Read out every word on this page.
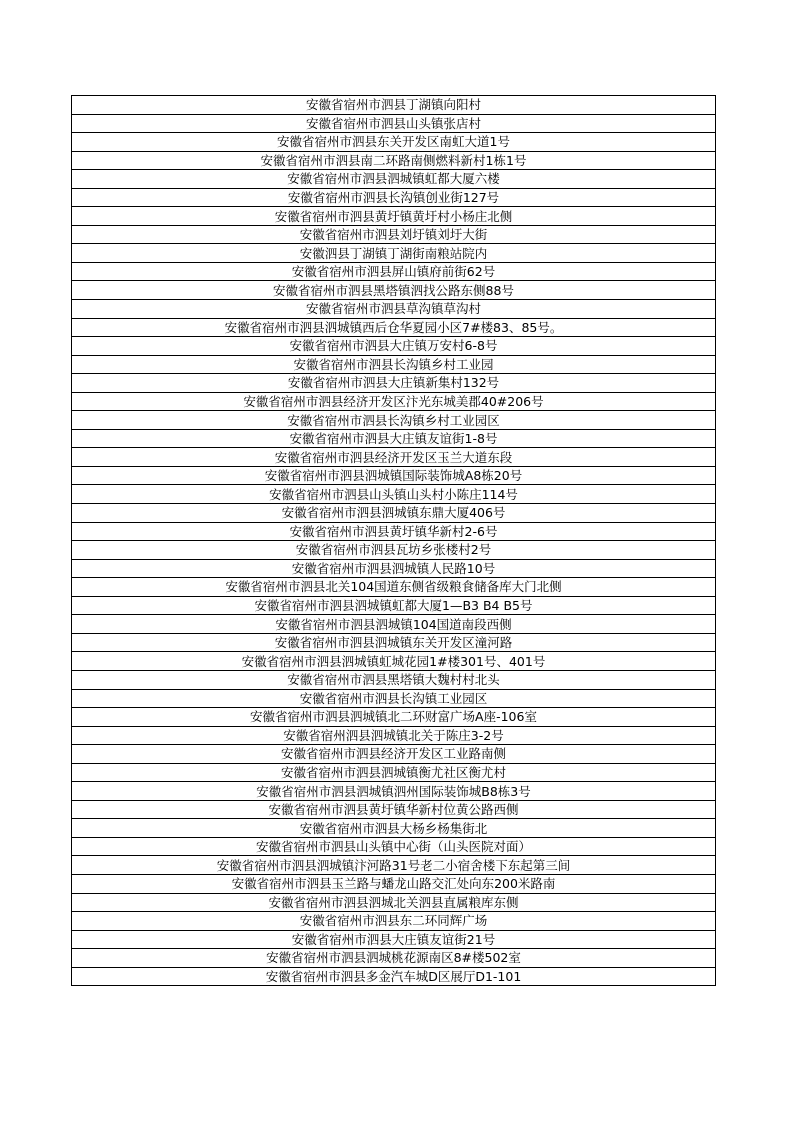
安徽省宿州市泗县丁湖镇向阳村
安徽省宿州市泗县山头镇张店村
安徽省宿州市泗县东关开发区南虹大道1号
安徽省宿州市泗县南二环路南侧燃料新村1栋1号
安徽省宿州市泗县泗城镇虹都大厦六楼
安徽省宿州市泗县长沟镇创业街127号
安徽省宿州市泗县黄圩镇黄圩村小杨庄北侧
安徽省宿州市泗县刘圩镇刘圩大街
安徽泗县丁湖镇丁湖街南粮站院内
安徽省宿州市泗县屏山镇府前街62号
安徽省宿州市泗县黑塔镇泗找公路东侧88号
安徽省宿州市泗县草沟镇草沟村
安徽省宿州市泗县泗城镇西后仓华夏园小区7#楼83、85号。
安徽省宿州市泗县大庄镇万安村6-8号
安徽省宿州市泗县长沟镇乡村工业园
安徽省宿州市泗县大庄镇新集村132号
安徽省宿州市泗县经济开发区汴光东城美郡40#206号
安徽省宿州市泗县长沟镇乡村工业园区
安徽省宿州市泗县大庄镇友谊街1-8号
安徽省宿州市泗县经济开发区玉兰大道东段
安徽省宿州市泗县泗城镇国际装饰城A8栋20号
安徽省宿州市泗县山头镇山头村小陈庄114号
安徽省宿州市泗县泗城镇东鼎大厦406号
安徽省宿州市泗县黄圩镇华新村2-6号
安徽省宿州市泗县瓦坊乡张楼村2号
安徽省宿州市泗县泗城镇人民路10号
安徽省宿州市泗县北关104国道东侧省级粮食储备库大门北侧
安徽省宿州市泗县泗城镇虹都大厦1—B3 B4 B5号
安徽省宿州市泗县泗城镇104国道南段西侧
安徽省宿州市泗县泗城镇东关开发区潼河路
安徽省宿州市泗县泗城镇虹城花园1#楼301号、401号
安徽省宿州市泗县黑塔镇大魏村村北头
安徽省宿州市泗县长沟镇工业园区
安徽省宿州市泗县泗城镇北二环财富广场A座-106室
安徽省宿州泗县泗城镇北关于陈庄3-2号
安徽省宿州市泗县经济开发区工业路南侧
安徽省宿州市泗县泗城镇衡尤社区衡尤村
安徽省宿州市泗县泗城镇泗州国际装饰城B8栋3号
安徽省宿州市泗县黄圩镇华新村位黄公路西侧
安徽省宿州市泗县大杨乡杨集街北
安徽省宿州市泗县山头镇中心街（山头医院对面）
安徽省宿州市泗县泗城镇汴河路31号老二小宿舍楼下东起第三间
安徽省宿州市泗县玉兰路与蟠龙山路交汇处向东200米路南
安徽省宿州市泗县泗城北关泗县直属粮库东侧
安徽省宿州市泗县东二环同辉广场
安徽省宿州市泗县大庄镇友谊街21号
安徽省宿州市泗县泗城桃花源南区8#楼502室
安徽省宿州市泗县多金汽车城D区展厅D1-101
